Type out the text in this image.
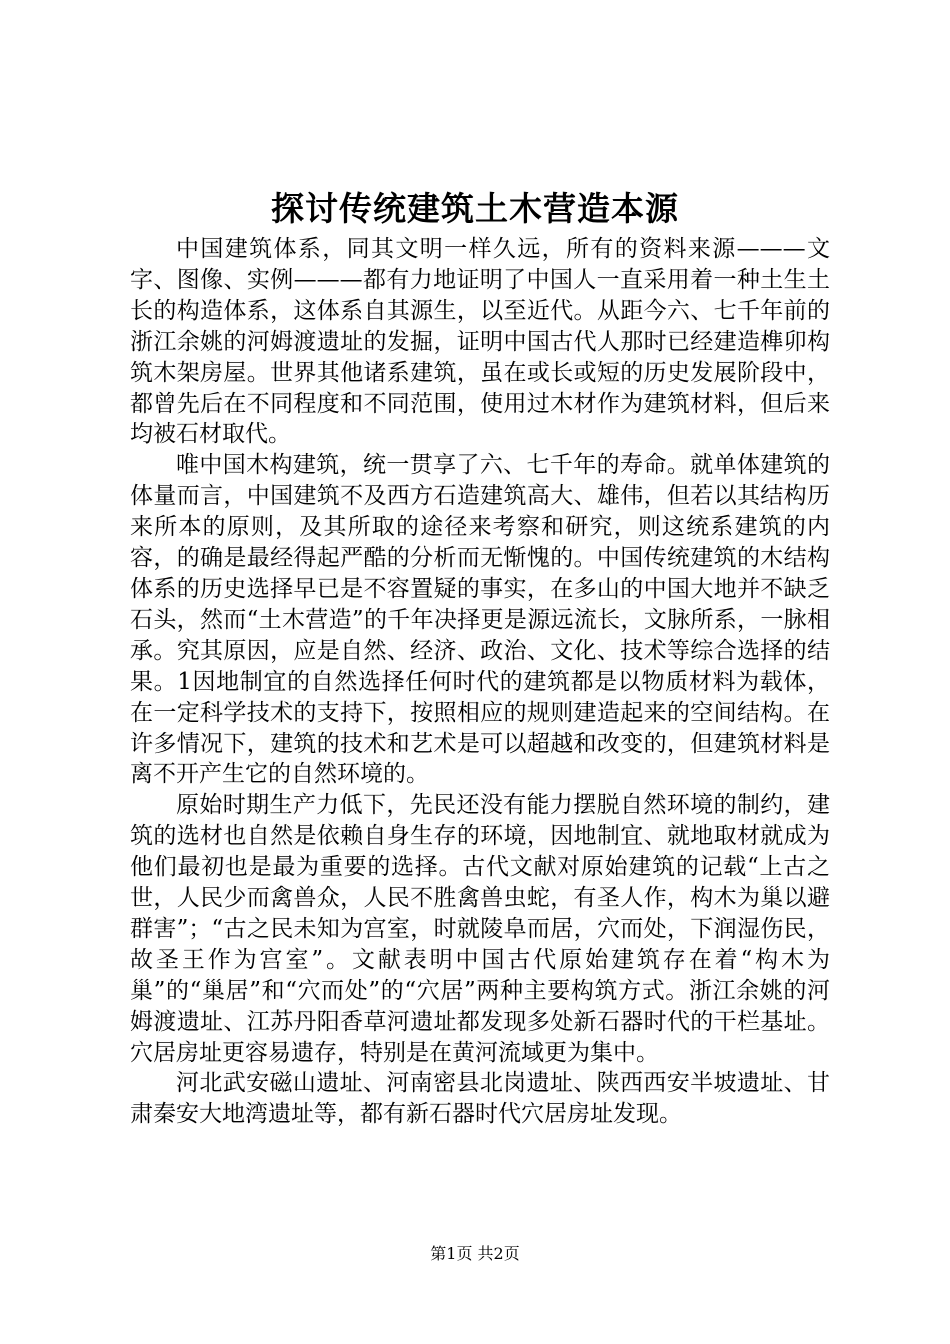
探讨传统建筑土木营造本源

中国建筑体系，同其文明一样久远，所有的资料来源———文字、图像、实例———都有力地证明了中国人一直采用着一种土生土长的构造体系，这体系自其源生，以至近代。从距今六、七千年前的浙江余姚的河姆渡遗址的发掘，证明中国古代人那时已经建造榫卯构筑木架房屋。世界其他诸系建筑，虽在或长或短的历史发展阶段中，都曾先后在不同程度和不同范围，使用过木材作为建筑材料，但后来均被石材取代。

唯中国木构建筑，统一贯享了六、七千年的寿命。就单体建筑的体量而言，中国建筑不及西方石造建筑高大、雄伟，但若以其结构历来所本的原则，及其所取的途径来考察和研究，则这统系建筑的内容，的确是最经得起严酷的分析而无惭愧的。中国传统建筑的木结构体系的历史选择早已是不容置疑的事实，在多山的中国大地并不缺乏石头，然而“土木营造”的千年决择更是源远流长，文脉所系，一脉相承。究其原因，应是自然、经济、政治、文化、技术等综合选择的结果。1因地制宜的自然选择任何时代的建筑都是以物质材料为载体，在一定科学技术的支持下，按照相应的规则建造起来的空间结构。在许多情况下，建筑的技术和艺术是可以超越和改变的，但建筑材料是离不开产生它的自然环境的。

原始时期生产力低下，先民还没有能力摆脱自然环境的制约，建筑的选材也自然是依赖自身生存的环境，因地制宜、就地取材就成为他们最初也是最为重要的选择。古代文献对原始建筑的记载“上古之世，人民少而禽兽众，人民不胜禽兽虫蛇，有圣人作，构木为巢以避群害”；“古之民未知为宫室，时就陵阜而居，穴而处，下润湿伤民，故圣王作为宫室”。文献表明中国古代原始建筑存在着“构木为巢”的“巢居”和“穴而处”的“穴居”两种主要构筑方式。浙江余姚的河姆渡遗址、江苏丹阳香草河遗址都发现多处新石器时代的干栏基址。穴居房址更容易遗存，特别是在黄河流域更为集中。

河北武安磁山遗址、河南密县北岗遗址、陕西西安半坡遗址、甘肃秦安大地湾遗址等，都有新石器时代穴居房址发现。

第1页 共2页
